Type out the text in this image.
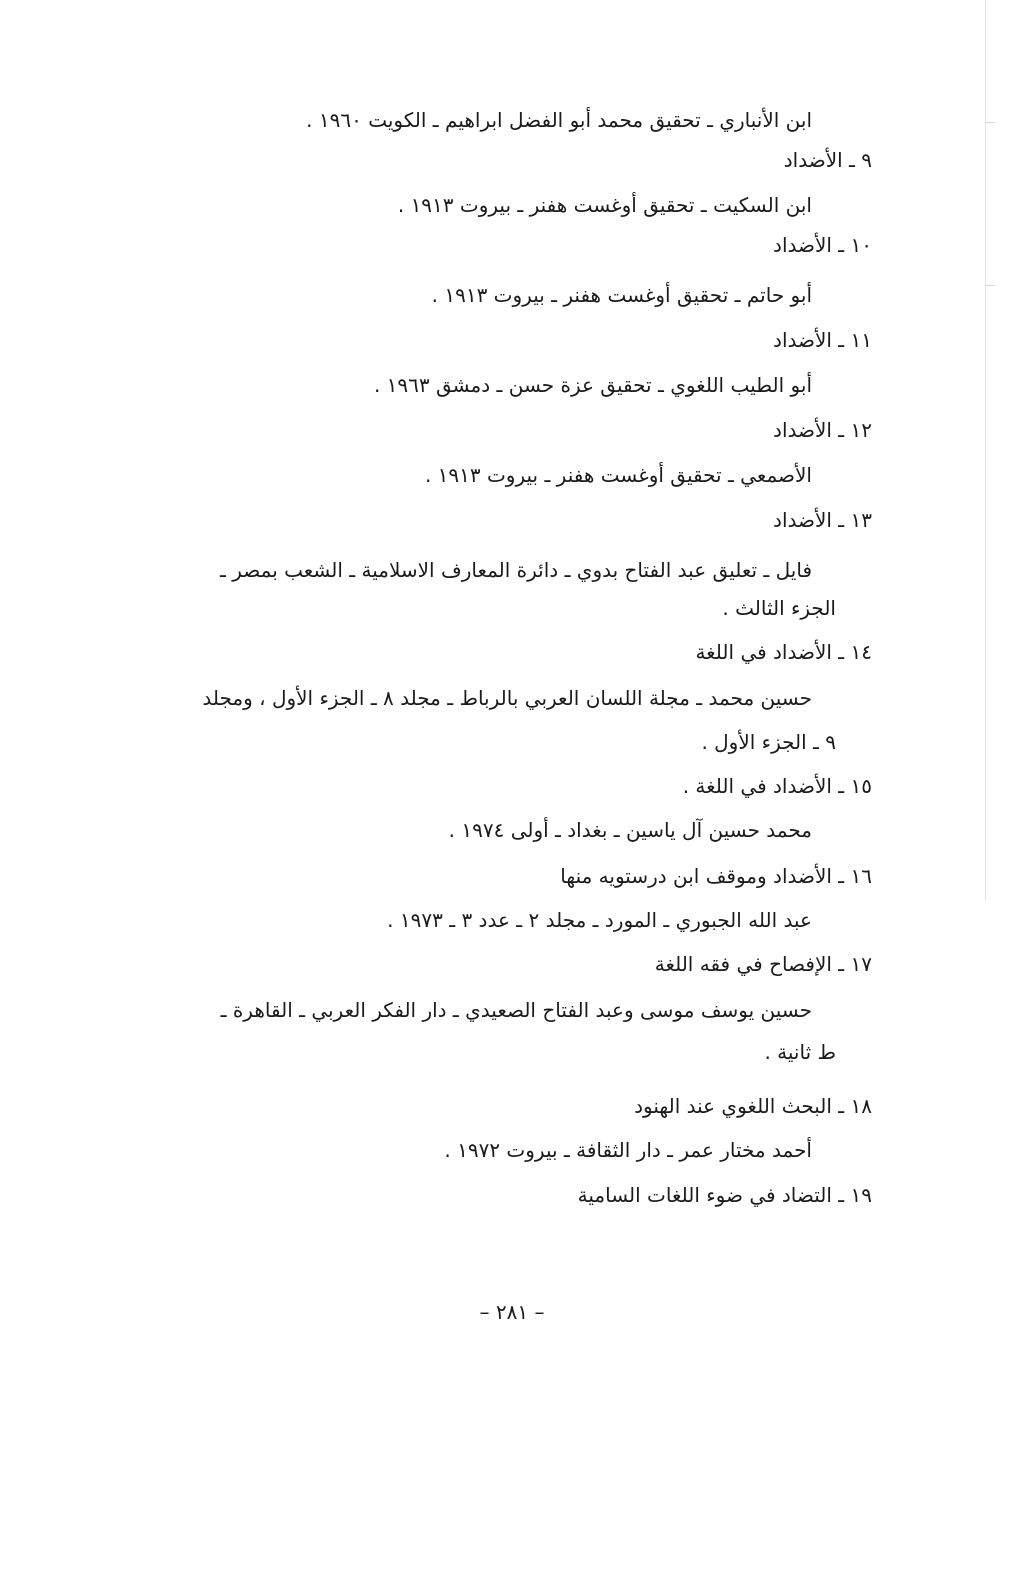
ابن الأنباري ـ تحقيق محمد أبو الفضل ابراهيم ـ الكويت ١٩٦٠ .
٩ ـ الأضداد
ابن السكيت ـ تحقيق أوغست هفنر ـ بيروت ١٩١٣ .
١٠ ـ الأضداد
أبو حاتم ـ تحقيق أوغست هفنر ـ بيروت ١٩١٣ .
١١ ـ الأضداد
أبو الطيب اللغوي ـ تحقيق عزة حسن ـ دمشق ١٩٦٣ .
١٢ ـ الأضداد
الأصمعي ـ تحقيق أوغست هفنر ـ بيروت ١٩١٣ .
١٣ ـ الأضداد
فايل ـ تعليق عبد الفتاح بدوي ـ دائرة المعارف الاسلامية ـ الشعب بمصر ـ
الجزء الثالث .
١٤ ـ الأضداد في اللغة
حسين محمد ـ مجلة اللسان العربي بالرباط ـ مجلد ٨ ـ الجزء الأول ، ومجلد
٩ ـ الجزء الأول .
١٥ ـ الأضداد في اللغة .
محمد حسين آل ياسين ـ بغداد ـ أولى ١٩٧٤ .
١٦ ـ الأضداد وموقف ابن درستويه منها
عبد الله الجبوري ـ المورد ـ مجلد ٢ ـ عدد ٣ ـ ١٩٧٣ .
١٧ ـ الإفصاح في فقه اللغة
حسين يوسف موسى وعبد الفتاح الصعيدي ـ دار الفكر العربي ـ القاهرة ـ
ط ثانية .
١٨ ـ البحث اللغوي عند الهنود
أحمد مختار عمر ـ دار الثقافة ـ بيروت ١٩٧٢ .
١٩ ـ التضاد في ضوء اللغات السامية
– ٢٨١ –
